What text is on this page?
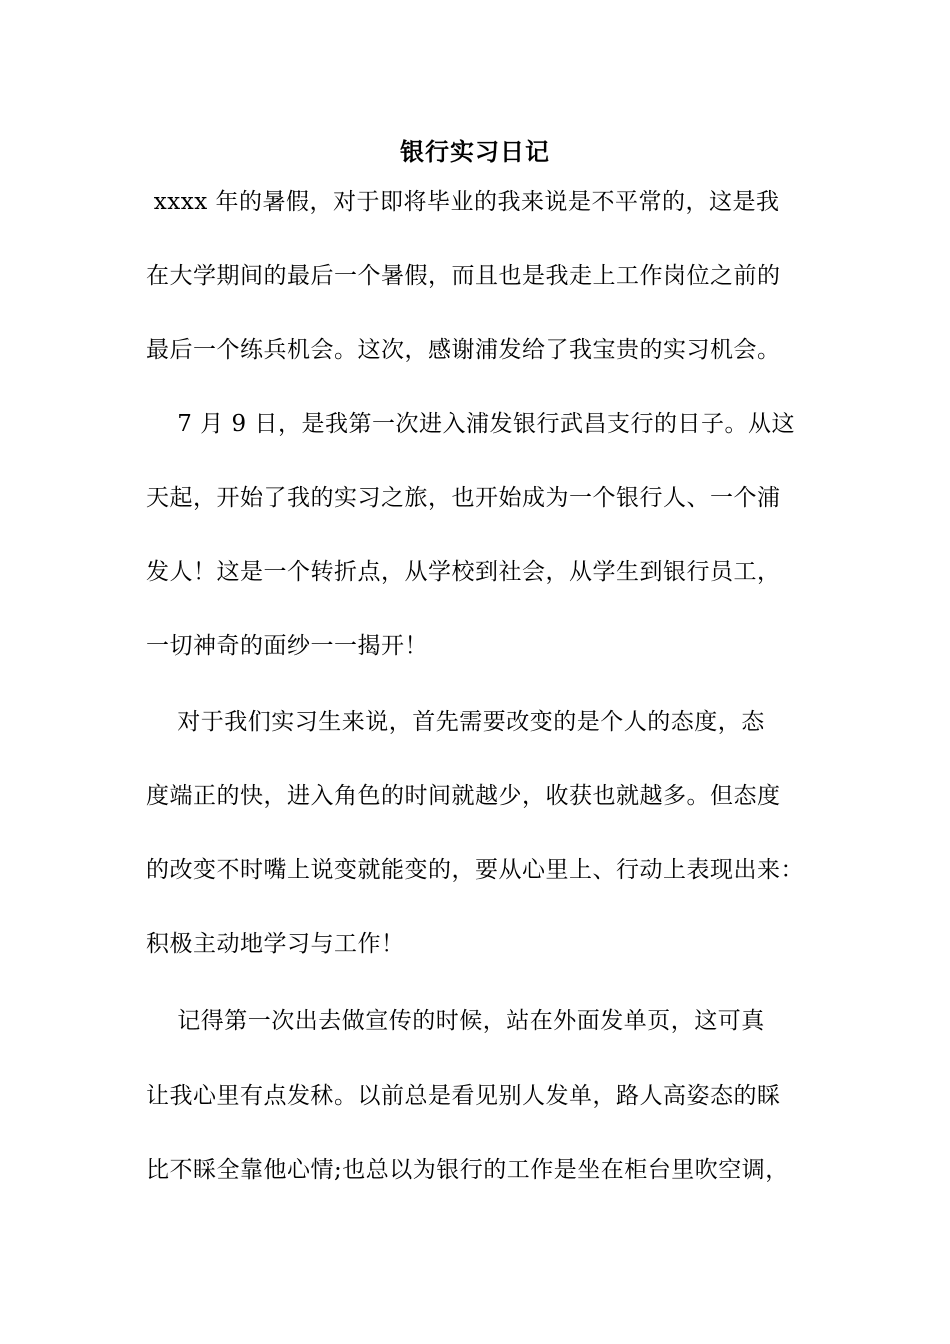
银行实习日记
xxxx 年的暑假，对于即将毕业的我来说是不平常的，这是我
在大学期间的最后一个暑假，而且也是我走上工作岗位之前的
最后一个练兵机会。这次，感谢浦发给了我宝贵的实习机会。
7 月 9 日，是我第一次进入浦发银行武昌支行的日子。从这
天起，开始了我的实习之旅，也开始成为一个银行人、一个浦
发人！这是一个转折点，从学校到社会，从学生到银行员工，
一切神奇的面纱一一揭开！
对于我们实习生来说，首先需要改变的是个人的态度，态
度端正的快，进入角色的时间就越少，收获也就越多。但态度
的改变不时嘴上说变就能变的，要从心里上、行动上表现出来：
积极主动地学习与工作！
记得第一次出去做宣传的时候，站在外面发单页，这可真
让我心里有点发秫。以前总是看见别人发单，路人高姿态的睬
比不睬全靠他心情;也总以为银行的工作是坐在柜台里吹空调，
